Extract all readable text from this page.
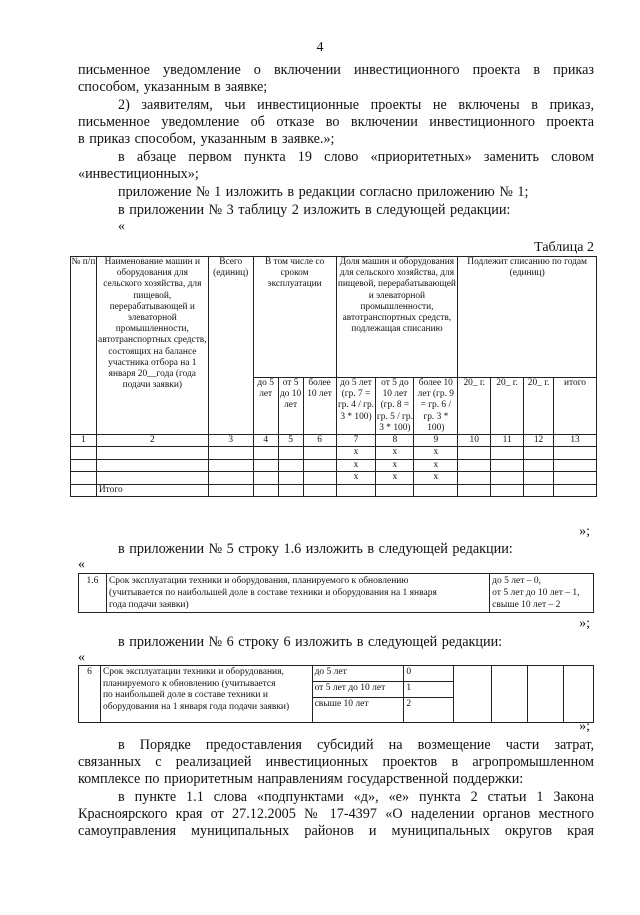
4
письменное уведомление о включении инвестиционного проекта в приказ
способом, указанным в заявке;
2) заявителям, чьи инвестиционные проекты не включены в приказ,
письменное уведомление об отказе во включении инвестиционного проекта
в приказ способом, указанным в заявке.»;
в абзаце первом пункта 19 слово «приоритетных» заменить словом
«инвестиционных»;
приложение № 1 изложить в редакции согласно приложению № 1;
в приложении № 3 таблицу 2 изложить в следующей редакции:
«
Таблица 2
№ п/п	Наименование машин и оборудования для сельского хозяйства, для пищевой, перерабатывающей и элеваторной промышленности, автотранспортных средств, состоящих на балансе участника отбора на 1 января 20__года (года подачи заявки)	Всего (единиц)	В том числе со сроком эксплуатации			Доля машин и оборудования для сельского хозяйства, для пищевой, перерабатывающей и элеваторной промышленности, автотранспортных средств, подлежащая списанию			Подлежит списанию по годам (единиц)			
			до 5 лет	от 5 до 10 лет	более 10 лет	до 5 лет (гр. 7 = гр. 4 / гр. 3 * 100)	от 5 до 10 лет (гр. 8 = гр. 5 / гр. 3 * 100)	более 10 лет (гр. 9 = гр. 6 / гр. 3 * 100)	20_ г.	20_ г.	20_ г.	итого
1	2	3	4	5	6	7	8	9	10	11	12	13
						x	x	x				
						x	x	x				
						x	x	x				
	Итого											
»;
в приложении № 5 строку 1.6 изложить в следующей редакции:
«
1.6	Срок эксплуатации техники и оборудования, планируемого к обновлению
(учитывается по наибольшей доле в составе техники и оборудования на 1 января
года подачи заявки)

до 5 лет – 0,
от 5 лет до 10 лет – 1,
свыше 10 лет – 2
»;
в приложении № 6 строку 6 изложить в следующей редакции:
«
6	Срок эксплуатации техники и оборудования,
планируемого к обновлению (учитывается
по наибольшей доле в составе техники и
оборудования на 1 января года подачи заявки)	до 5 лет	0				
		от 5 лет до 10 лет	1				
		свыше 10 лет	2				
»;
в Порядке предоставления субсидий на возмещение части затрат,
связанных с реализацией инвестиционных проектов в агропромышленном
комплексе по приоритетным направлениям государственной поддержки:
в пункте 1.1 слова «подпунктами «д», «е» пункта 2 статьи 1 Закона
Красноярского края от 27.12.2005 № 17-4397 «О наделении органов местного
самоуправления муниципальных районов и муниципальных округов края
